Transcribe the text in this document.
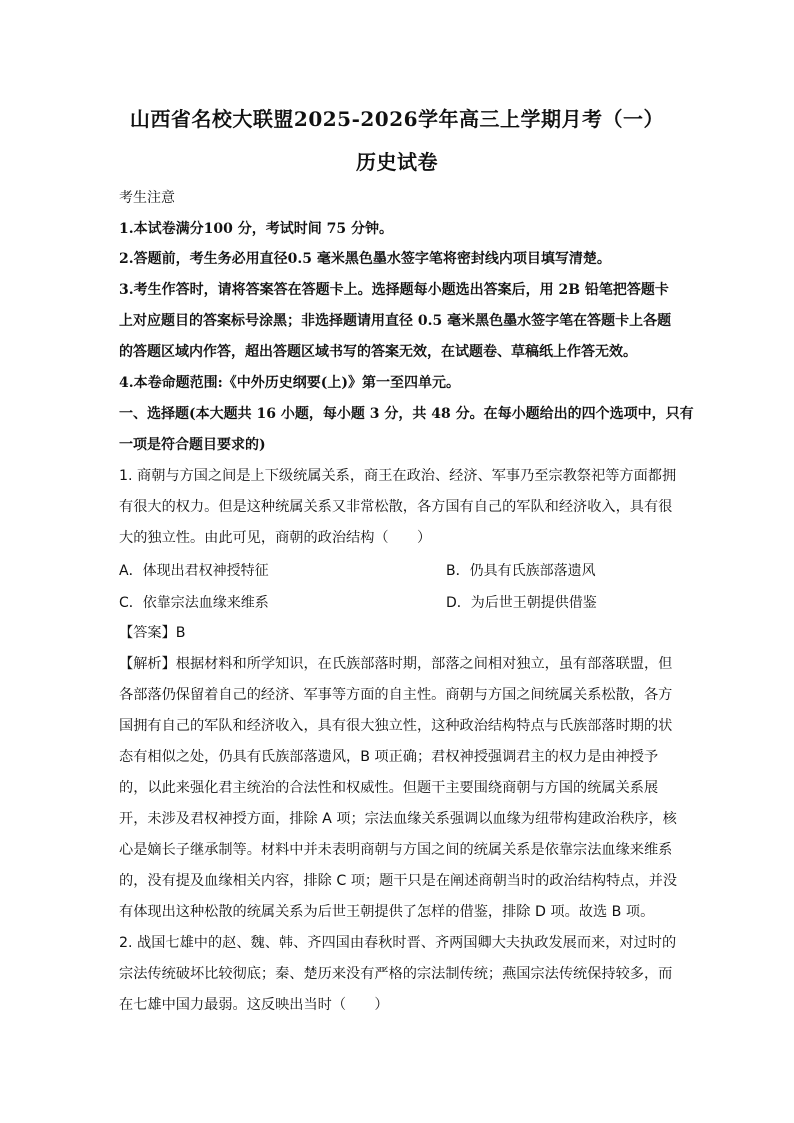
山西省名校大联盟2025-2026学年高三上学期月考（一）
历史试卷
考生注意
1.本试卷满分100 分，考试时间 75 分钟。
2.答题前，考生务必用直径0.5 毫米黑色墨水签字笔将密封线内项目填写清楚。
3.考生作答时，请将答案答在答题卡上。选择题每小题选出答案后，用 2B 铅笔把答题卡
上对应题目的答案标号涂黑；非选择题请用直径 0.5 毫米黑色墨水签字笔在答题卡上各题
的答题区域内作答，超出答题区域书写的答案无效，在试题卷、草稿纸上作答无效。
4.本卷命题范围:《中外历史纲要(上)》第一至四单元。
一、选择题(本大题共 16 小题，每小题 3 分，共 48 分。在每小题给出的四个选项中，只有
一项是符合题目要求的)
1. 商朝与方国之间是上下级统属关系，商王在政治、经济、军事乃至宗教祭祀等方面都拥
有很大的权力。但是这种统属关系又非常松散，各方国有自己的军队和经济收入，具有很
大的独立性。由此可见，商朝的政治结构（　　）
A．体现出君权神授特征	B．仍具有氏族部落遗风
C．依靠宗法血缘来维系	D．为后世王朝提供借鉴
【答案】B
【解析】根据材料和所学知识，在氏族部落时期，部落之间相对独立，虽有部落联盟，但
各部落仍保留着自己的经济、军事等方面的自主性。商朝与方国之间统属关系松散，各方
国拥有自己的军队和经济收入，具有很大独立性，这种政治结构特点与氏族部落时期的状
态有相似之处，仍具有氏族部落遗风，B 项正确；君权神授强调君主的权力是由神授予
的，以此来强化君主统治的合法性和权威性。但题干主要围绕商朝与方国的统属关系展
开，未涉及君权神授方面，排除 A 项；宗法血缘关系强调以血缘为纽带构建政治秩序，核
心是嫡长子继承制等。材料中并未表明商朝与方国之间的统属关系是依靠宗法血缘来维系
的，没有提及血缘相关内容，排除 C 项；题干只是在阐述商朝当时的政治结构特点，并没
有体现出这种松散的统属关系为后世王朝提供了怎样的借鉴，排除 D 项。故选 B 项。
2. 战国七雄中的赵、魏、韩、齐四国由春秋时晋、齐两国卿大夫执政发展而来，对过时的
宗法传统破坏比较彻底；秦、楚历来没有严格的宗法制传统；燕国宗法传统保持较多，而
在七雄中国力最弱。这反映出当时（　　）
